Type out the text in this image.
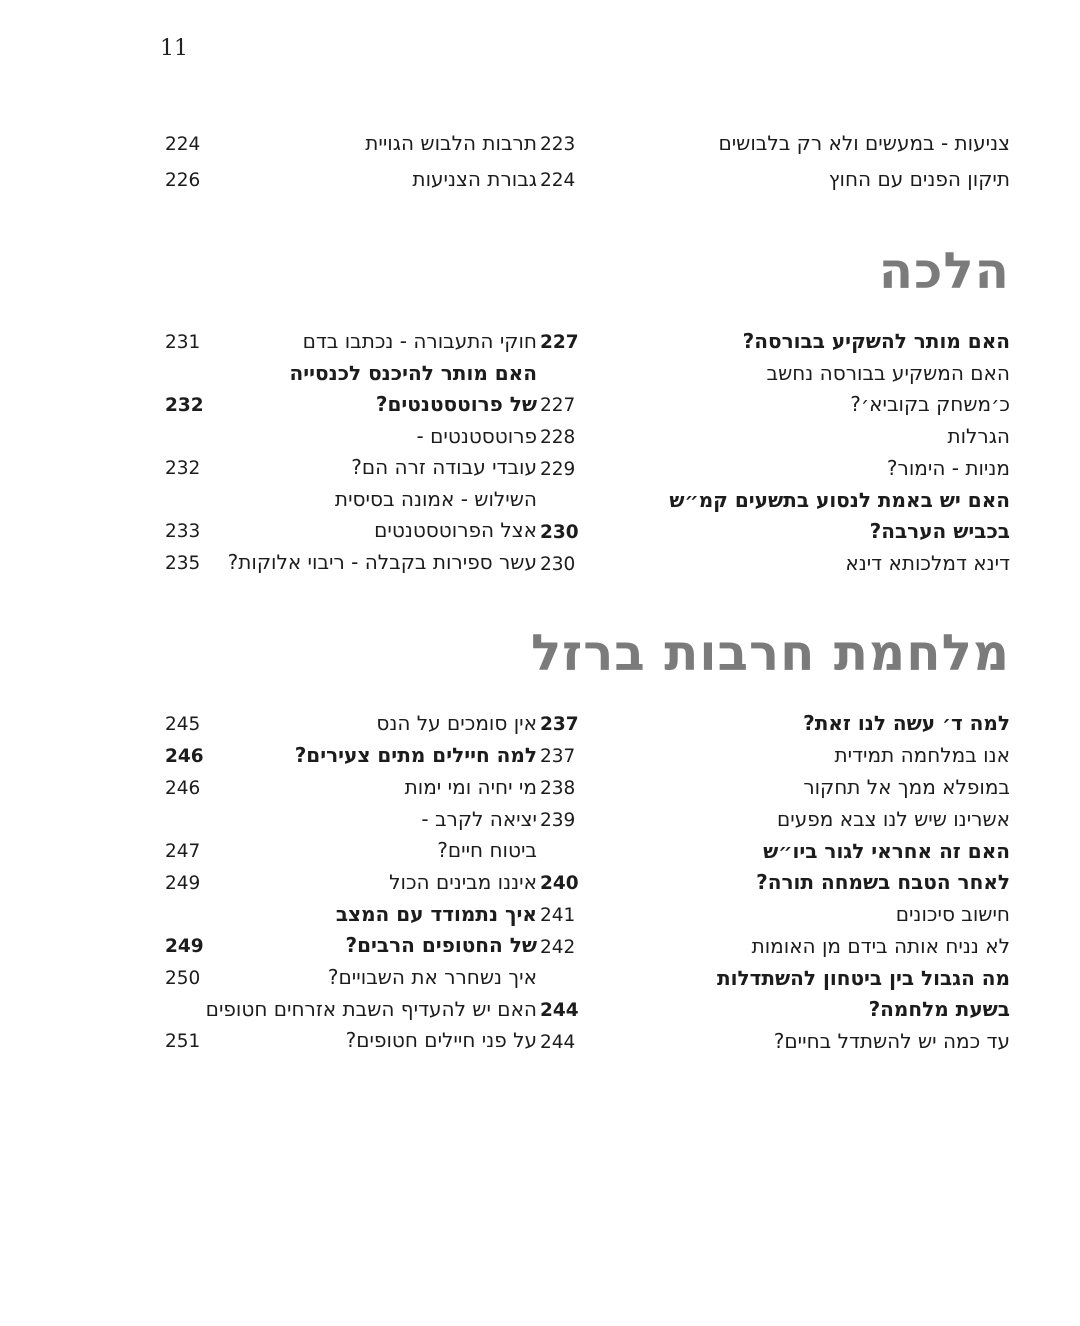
11
צניעות - במעשים ולא רק בלבושים
223
תיקון הפנים עם החוץ
224
תרבות הלבוש הגויית
224
גבורת הצניעות
226
הלכה
האם מותר להשקיע בבורסה?
227
האם המשקיע בבורסה נחשב
כ׳משחק בקוביא׳?
227
הגרלות
228
מניות - הימור?
229
האם יש באמת לנסוע בתשעים קמ״ש
בכביש הערבה?
230
דינא דמלכותא דינא
230
חוקי התעבורה - נכתבו בדם
231
האם מותר להיכנס לכנסייה
של פרוטסטנטים?
232
פרוטסטנטים -
עובדי עבודה זרה הם?
232
השילוש - אמונה בסיסית
אצל הפרוטסטנטים
233
עשר ספירות בקבלה - ריבוי אלוקות?
235
מלחמת חרבות ברזל
למה ד׳ עשה לנו זאת?
237
אנו במלחמה תמידית
237
במופלא ממך אל תחקור
238
אשרינו שיש לנו צבא מפעים
239
האם זה אחראי לגור ביו״ש
לאחר הטבח בשמחה תורה?
240
חישוב סיכונים
241
לא נניח אותה בידם מן האומות
242
מה הגבול בין ביטחון להשתדלות
בשעת מלחמה?
244
עד כמה יש להשתדל בחיים?
244
אין סומכים על הנס
245
למה חיילים מתים צעירים?
246
מי יחיה ומי ימות
246
יציאה לקרב -
ביטוח חיים?
247
איננו מבינים הכול
249
איך נתמודד עם המצב
של החטופים הרבים?
249
איך נשחרר את השבויים?
250
האם יש להעדיף השבת אזרחים חטופים
על פני חיילים חטופים?
251
